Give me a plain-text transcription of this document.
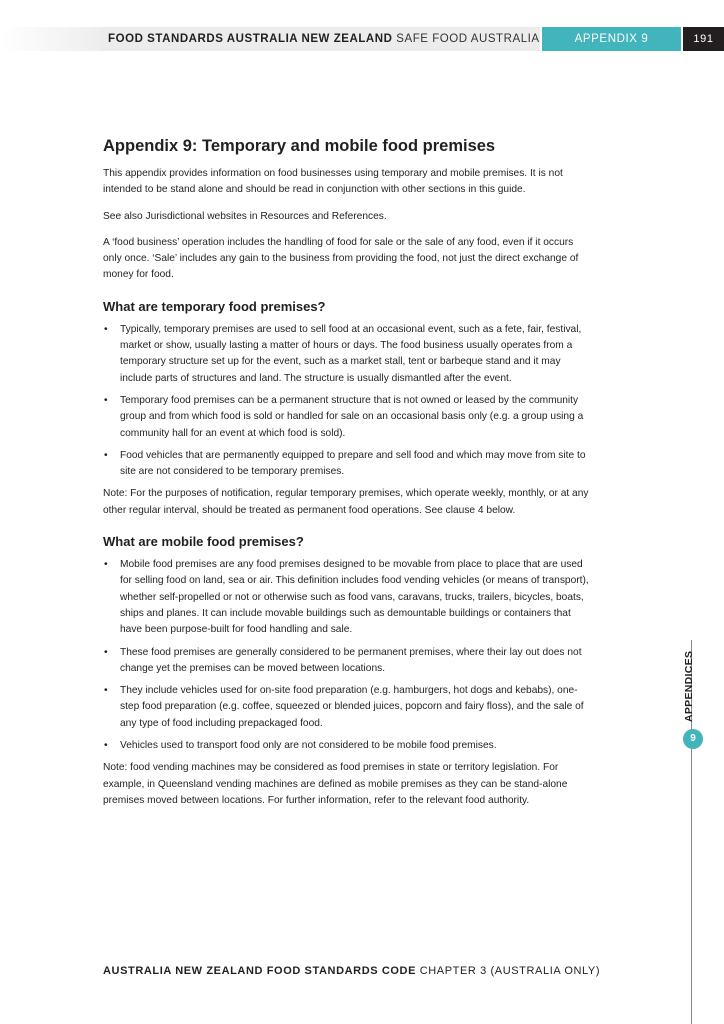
FOOD STANDARDS AUSTRALIA NEW ZEALAND SAFE FOOD AUSTRALIA	APPENDIX 9	191
Appendix 9: Temporary and mobile food premises

This appendix provides information on food businesses using temporary and mobile premises. It is not intended to be stand alone and should be read in conjunction with other sections in this guide.

See also Jurisdictional websites in Resources and References.

A ‘food business’ operation includes the handling of food for sale or the sale of any food, even if it occurs only once. ‘Sale’ includes any gain to the business from providing the food, not just the direct exchange of money for food.

What are temporary food premises?
• Typically, temporary premises are used to sell food at an occasional event, such as a fete, fair, festival, market or show, usually lasting a matter of hours or days. The food business usually operates from a temporary structure set up for the event, such as a market stall, tent or barbeque stand and it may include parts of structures and land. The structure is usually dismantled after the event.
• Temporary food premises can be a permanent structure that is not owned or leased by the community group and from which food is sold or handled for sale on an occasional basis only (e.g. a group using a community hall for an event at which food is sold).
• Food vehicles that are permanently equipped to prepare and sell food and which may move from site to site are not considered to be temporary premises.

Note: For the purposes of notification, regular temporary premises, which operate weekly, monthly, or at any other regular interval, should be treated as permanent food operations. See clause 4 below.

What are mobile food premises?
• Mobile food premises are any food premises designed to be movable from place to place that are used for selling food on land, sea or air. This definition includes food vending vehicles (or means of transport), whether self-propelled or not or otherwise such as food vans, caravans, trucks, trailers, bicycles, boats, ships and planes. It can include movable buildings such as demountable buildings or containers that have been purpose-built for food handling and sale.
• These food premises are generally considered to be permanent premises, where their lay out does not change yet the premises can be moved between locations.
• They include vehicles used for on-site food preparation (e.g. hamburgers, hot dogs and kebabs), one-step food preparation (e.g. coffee, squeezed or blended juices, popcorn and fairy floss), and the sale of any type of food including prepackaged food.
• Vehicles used to transport food only are not considered to be mobile food premises.

Note: food vending machines may be considered as food premises in state or territory legislation. For example, in Queensland vending machines are defined as mobile premises as they can be stand-alone premises moved between locations. For further information, refer to the relevant food authority.

APPENDICES
9
AUSTRALIA NEW ZEALAND FOOD STANDARDS CODE CHAPTER 3 (AUSTRALIA ONLY)
